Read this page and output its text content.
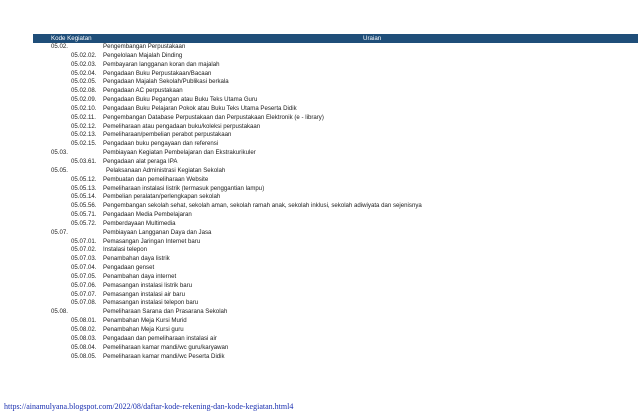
Kode Kegiatan	Uraian
05.02.	Pengembangan Perpustakaan
05.02.02. Pengelolaan Majalah Dinding
05.02.03. Pembayaran langganan koran dan majalah
05.02.04. Pengadaan Buku Perpustakaan/Bacaan
05.02.05. Pengadaan Majalah Sekolah/Publikasi berkala
05.02.08. Pengadaan AC perpustakaan
05.02.09. Pengadaan Buku Pegangan atau Buku Teks Utama Guru
05.02.10. Pengadaan Buku Pelajaran Pokok atau Buku Teks Utama Peserta Didik
05.02.11. Pengembangan Database Perpustakaan dan Perpustakaan Elektronik (e - library)
05.02.12. Pemeliharaan atau pengadaan buku/koleksi perpustakaan
05.02.13. Pemeliharaan/pembelian perabot perpustakaan
05.02.15. Pengadaan buku pengayaan dan referensi
05.03.	Pembiayaan Kegiatan Pembelajaran dan Ekstrakurikuler
05.03.61. Pengadaan alat peraga IPA
05.05.	Pelaksanaan Administrasi Kegiatan Sekolah
05.05.12. Pembuatan dan pemeliharaan Website
05.05.13. Pemeliharaan instalasi listrik (termasuk penggantian lampu)
05.05.14. Pembelian peralatan/perlengkapan sekolah
05.05.56. Pengembangan sekolah sehat, sekolah aman, sekolah ramah anak, sekolah inklusi, sekolah adiwiyata dan sejenisnya
05.05.71. Pengadaan Media Pembelajaran
05.05.72. Pemberdayaan Multimedia
05.07.	Pembiayaan Langganan Daya dan Jasa
05.07.01. Pemasangan Jaringan Internet baru
05.07.02. Instalasi telepon
05.07.03. Penambahan daya listrik
05.07.04. Pengadaan genset
05.07.05. Penambahan daya internet
05.07.06. Pemasangan instalasi listrik baru
05.07.07. Pemasangan instalasi air baru
05.07.08. Pemasangan instalasi telepon baru
05.08.	Pemeliharaan Sarana dan Prasarana Sekolah
05.08.01. Penambahan Meja Kursi Murid
05.08.02. Penambahan Meja Kursi guru
05.08.03. Pengadaan dan pemeliharaan instalasi air
05.08.04. Pemeliharaan kamar mandi/wc guru/karyawan
05.08.05. Pemeliharaan kamar mandi/wc Peserta Didik
https://ainamulyana.blogspot.com/2022/08/daftar-kode-rekening-dan-kode-kegiatan.html4
